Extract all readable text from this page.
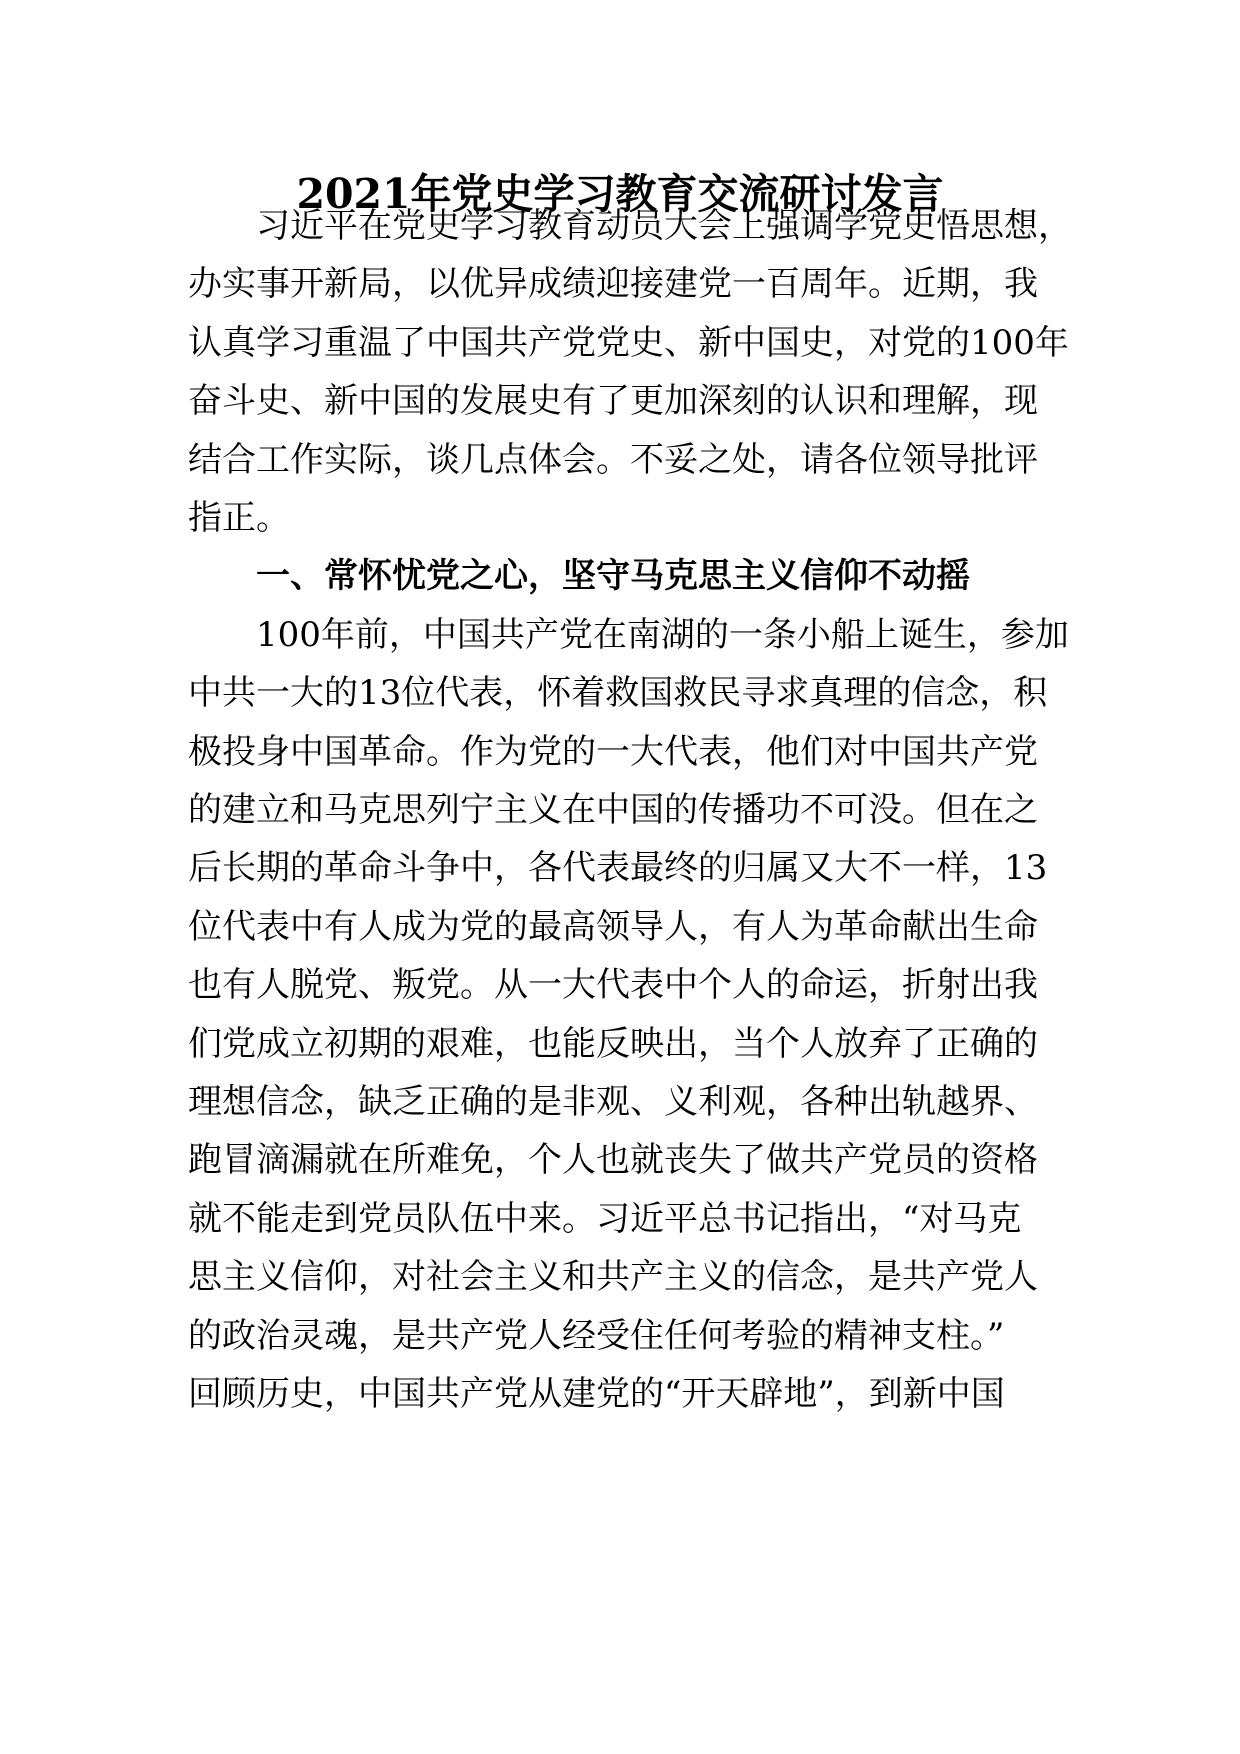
2021年党史学习教育交流研讨发言
习近平在党史学习教育动员大会上强调学党史悟思想，
办实事开新局，以优异成绩迎接建党一百周年。近期，我
认真学习重温了中国共产党党史、新中国史，对党的100年
奋斗史、新中国的发展史有了更加深刻的认识和理解，现
结合工作实际，谈几点体会。不妥之处，请各位领导批评
指正。
一、常怀忧党之心，坚守马克思主义信仰不动摇
100年前，中国共产党在南湖的一条小船上诞生，参加
中共一大的13位代表，怀着救国救民寻求真理的信念，积
极投身中国革命。作为党的一大代表，他们对中国共产党
的建立和马克思列宁主义在中国的传播功不可没。但在之
后长期的革命斗争中，各代表最终的归属又大不一样，13
位代表中有人成为党的最高领导人，有人为革命献出生命
也有人脱党、叛党。从一大代表中个人的命运，折射出我
们党成立初期的艰难，也能反映出，当个人放弃了正确的
理想信念，缺乏正确的是非观、义利观，各种出轨越界、
跑冒滴漏就在所难免，个人也就丧失了做共产党员的资格
就不能走到党员队伍中来。习近平总书记指出，“对马克
思主义信仰，对社会主义和共产主义的信念，是共产党人
的政治灵魂，是共产党人经受住任何考验的精神支柱。”
回顾历史，中国共产党从建党的“开天辟地”，到新中国
